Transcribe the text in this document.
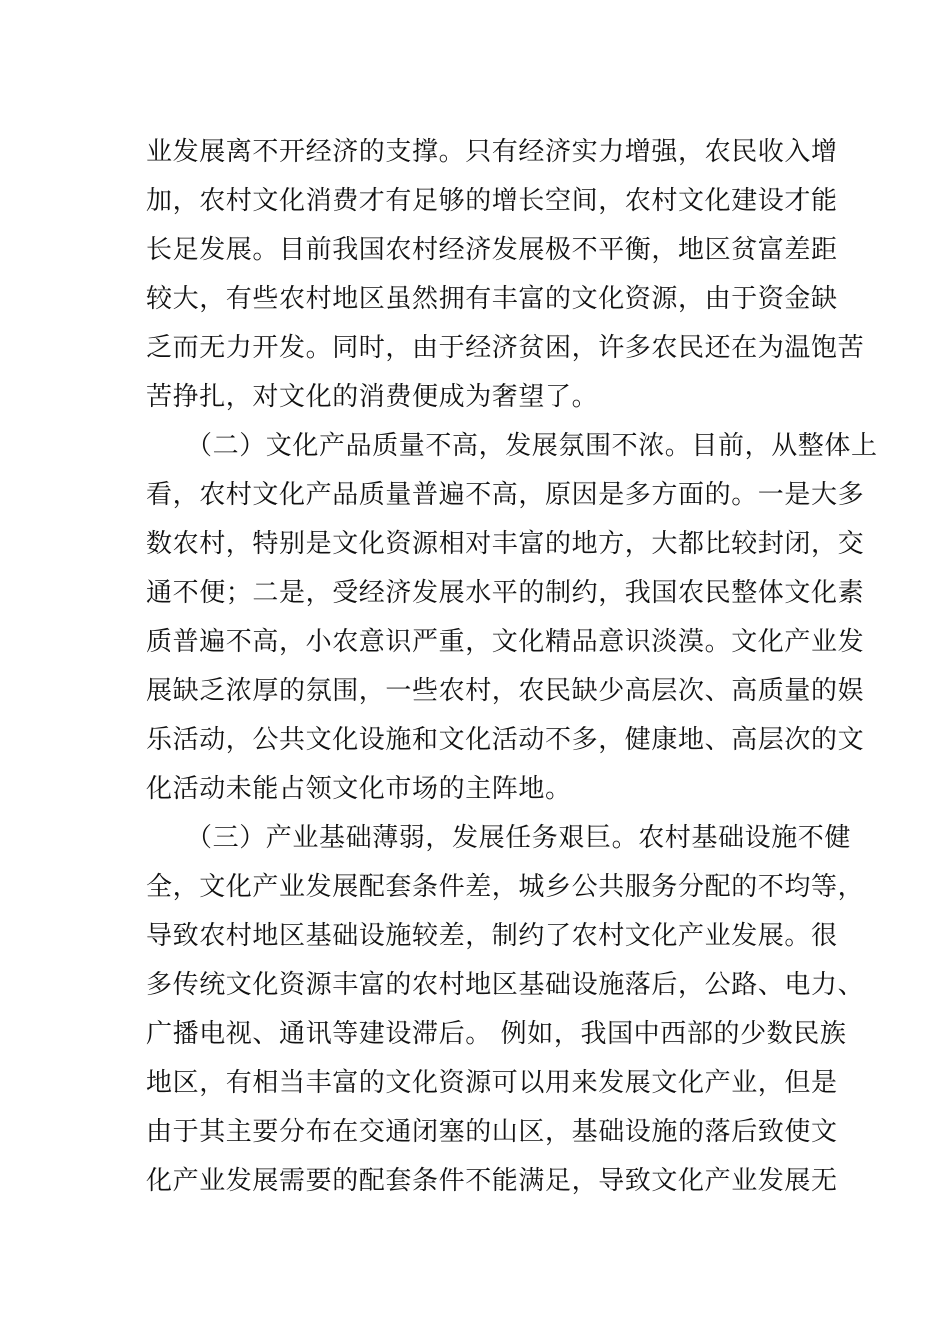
业发展离不开经济的支撑。只有经济实力增强，农民收入增
加，农村文化消费才有足够的增长空间，农村文化建设才能
长足发展。目前我国农村经济发展极不平衡，地区贫富差距
较大，有些农村地区虽然拥有丰富的文化资源，由于资金缺
乏而无力开发。同时，由于经济贫困，许多农民还在为温饱苦
苦挣扎，对文化的消费便成为奢望了。
（二）文化产品质量不高，发展氛围不浓。目前，从整体上
看，农村文化产品质量普遍不高，原因是多方面的。一是大多
数农村，特别是文化资源相对丰富的地方，大都比较封闭，交
通不便；二是，受经济发展水平的制约，我国农民整体文化素
质普遍不高，小农意识严重，文化精品意识淡漠。文化产业发
展缺乏浓厚的氛围，一些农村，农民缺少高层次、高质量的娱
乐活动，公共文化设施和文化活动不多，健康地、高层次的文
化活动未能占领文化市场的主阵地。
（三）产业基础薄弱，发展任务艰巨。农村基础设施不健
全，文化产业发展配套条件差，城乡公共服务分配的不均等，
导致农村地区基础设施较差，制约了农村文化产业发展。很
多传统文化资源丰富的农村地区基础设施落后，公路、电力、
广播电视、通讯等建设滞后。 例如，我国中西部的少数民族
地区，有相当丰富的文化资源可以用来发展文化产业，但是
由于其主要分布在交通闭塞的山区，基础设施的落后致使文
化产业发展需要的配套条件不能满足，导致文化产业发展无
